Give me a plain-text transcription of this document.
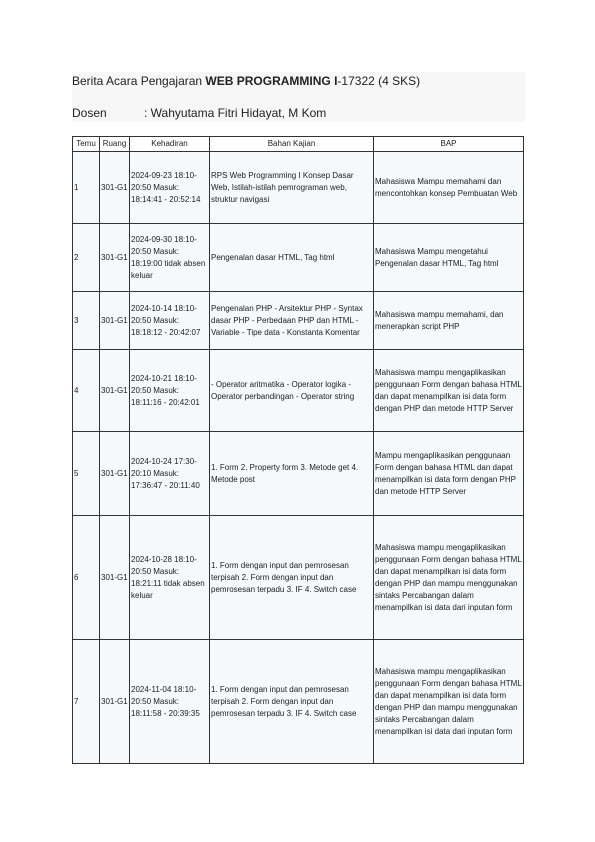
Berita Acara Pengajaran WEB PROGRAMMING I-17322 (4 SKS)
Dosen	: Wahyutama Fitri Hidayat, M Kom
Temu	Ruang	Kehadiran	Bahan Kajian	BAP
1	301-G1	2024-09-23 18:10-20:50 Masuk: 18:14:41 - 20:52:14	RPS Web Programming I Konsep Dasar Web, Istilah-istilah pemrograman web, struktur navigasi	Mahasiswa Mampu memahami dan mencontohkan konsep Pembuatan Web
2	301-G1	2024-09-30 18:10-20:50 Masuk: 18:19:00 tidak absen keluar	Pengenalan dasar HTML, Tag html	Mahasiswa Mampu mengetahui Pengenalan dasar HTML, Tag html
3	301-G1	2024-10-14 18:10-20:50 Masuk: 18:18:12 - 20:42:07	Pengenalan PHP - Arsitektur PHP - Syntax dasar PHP - Perbedaan PHP dan HTML - Variable - Tipe data - Konstanta Komentar	Mahasiswa mampu memahami, dan menerapkan script PHP
4	301-G1	2024-10-21 18:10-20:50 Masuk: 18:11:16 - 20:42:01	- Operator aritmatika - Operator logika - Operator perbandingan - Operator string	Mahasiswa mampu mengaplikasikan penggunaan Form dengan bahasa HTML dan dapat menampilkan isi data form dengan PHP dan metode HTTP Server
5	301-G1	2024-10-24 17:30-20:10 Masuk: 17:36:47 - 20:11:40	1. Form 2. Property form 3. Metode get 4. Metode post	Mampu mengaplikasikan penggunaan Form dengan bahasa HTML dan dapat menampilkan isi data form dengan PHP dan metode HTTP Server
6	301-G1	2024-10-28 18:10-20:50 Masuk: 18:21:11 tidak absen keluar	1. Form dengan input dan pemrosesan terpisah 2. Form dengan input dan pemrosesan terpadu 3. IF 4. Switch case	Mahasiswa mampu mengaplikasikan penggunaan Form dengan bahasa HTML dan dapat menampilkan isi data form dengan PHP dan mampu menggunakan sintaks Percabangan dalam menampilkan isi data dari inputan form
7	301-G1	2024-11-04 18:10-20:50 Masuk: 18:11:58 - 20:39:35	1. Form dengan input dan pemrosesan terpisah 2. Form dengan input dan pemrosesan terpadu 3. IF 4. Switch case	Mahasiswa mampu mengaplikasikan penggunaan Form dengan bahasa HTML dan dapat menampilkan isi data form dengan PHP dan mampu menggunakan sintaks Percabangan dalam menampilkan isi data dari inputan form
